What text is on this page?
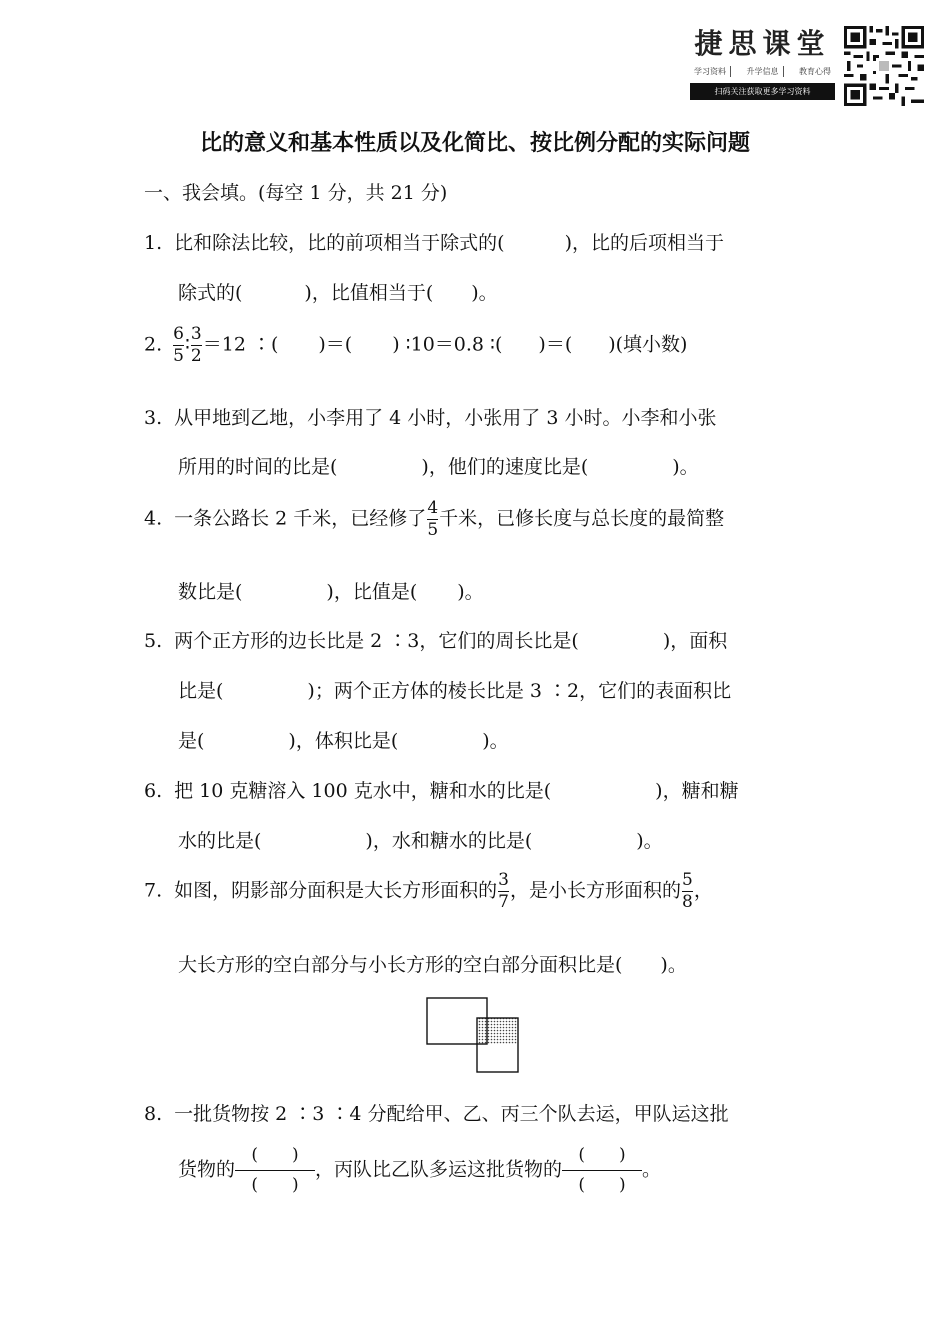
捷思课堂
学习资料	升学信息	教育心得
扫码关注获取更多学习资料
比的意义和基本性质以及化简比、按比例分配的实际问题
一、我会填。(每空 1 分，共 21 分)
1. 比和除法比较，比的前项相当于除式的(	)，比的后项相当于
除式的(	)，比值相当于( )。
2. $\frac{6}{5}$ ∶ $\frac{3}{2} =12$ ∶( )＝( ) ∶10＝0.8 ∶( )＝( )(填小数)
3. 从甲地到乙地，小李用了 4 小时，小张用了 3 小时。小李和小张
所用的时间的比是(	)，他们的速度比是(	)。
4. 一条公路长 2 千米，已经修了 $\frac{4}{5}$ 千米，已修长度与总长度的最简整
数比是(	)，比值是( )。
5. 两个正方形的边长比是 2 ∶3，它们的周长比是(	)，面积
比是(	)；两个正方体的棱长比是 3 ∶2，它们的表面积比
是(	)，体积比是(	)。
6. 把 10 克糖溶入 100 克水中，糖和水的比是(	)，糖和糖
水的比是(	)，水和糖水的比是(	)。
7. 如图，阴影部分面积是大长方形面积的 $\frac{3}{7}$ ，是小长方形面积的 $\frac{5}{8}$ ，
大长方形的空白部分与小长方形的空白部分面积比是( )。
8. 一批货物按 2 ∶3 ∶4 分配给甲、乙、丙三个队去运，甲队运这批
货物的 $\frac{( )}{( )}$ ，丙队比乙队多运这批货物的 $\frac{( )}{( )}$ 。
